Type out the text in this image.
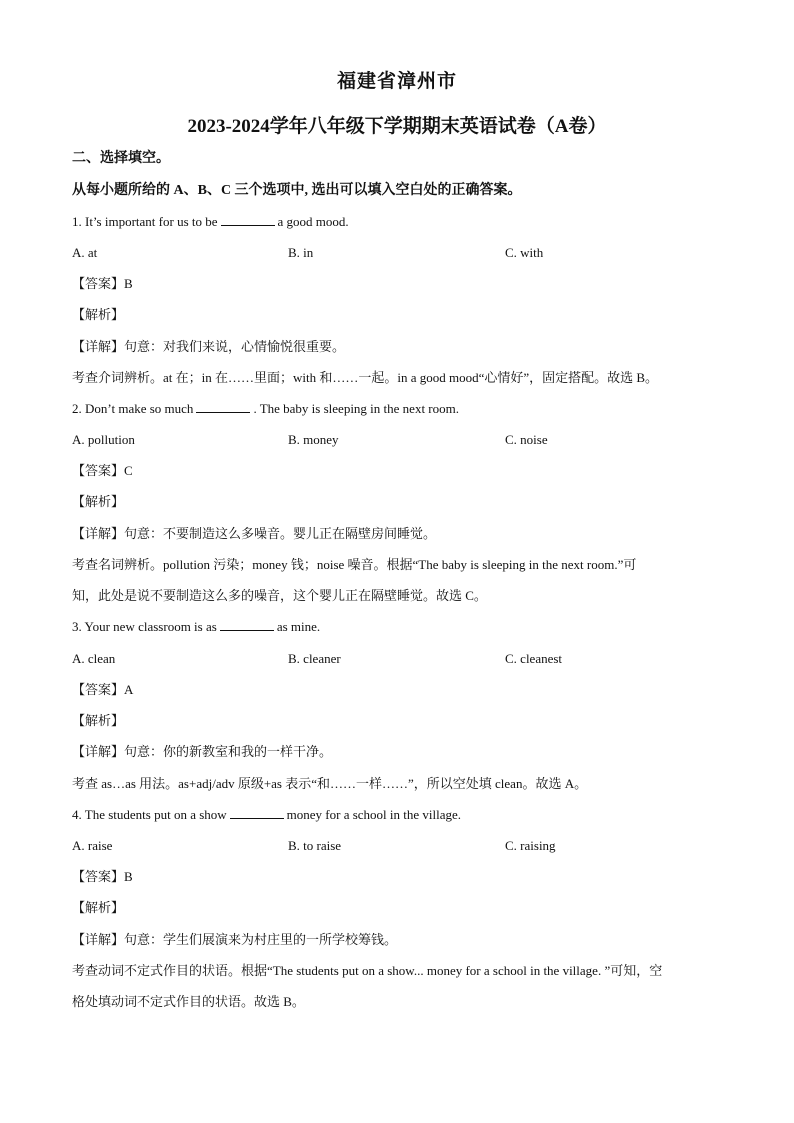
福建省漳州市
2023-2024学年八年级下学期期末英语试卷（A卷）
二、选择填空。
从每小题所给的 A、B、C 三个选项中, 选出可以填入空白处的正确答案。
1. It’s important for us to be	a good mood.
A. at	B. in	C. with
【答案】B
【解析】
【详解】句意：对我们来说，心情愉悦很重要。
考查介词辨析。at 在；in 在……里面；with 和……一起。in a good mood“心情好”，固定搭配。故选 B。
2. Don’t make so much	. The baby is sleeping in the next room.
A. pollution	B. money	C. noise
【答案】C
【解析】
【详解】句意：不要制造这么多噪音。婴儿正在隔壁房间睡觉。
考查名词辨析。pollution 污染；money 钱；noise 噪音。根据“The baby is sleeping in the next room.”可
知，此处是说不要制造这么多的噪音，这个婴儿正在隔壁睡觉。故选 C。
3. Your new classroom is as	as mine.
A. clean	B. cleaner	C. cleanest
【答案】A
【解析】
【详解】句意：你的新教室和我的一样干净。
考查 as…as 用法。as+adj/adv 原级+as 表示“和……一样……”，所以空处填 clean。故选 A。
4. The students put on a show	money for a school in the village.
A. raise	B. to raise	C. raising
【答案】B
【解析】
【详解】句意：学生们展演来为村庄里的一所学校筹钱。
考查动词不定式作目的状语。根据“The students put on a show... money for a school in the village. ”可知，空
格处填动词不定式作目的状语。故选 B。
